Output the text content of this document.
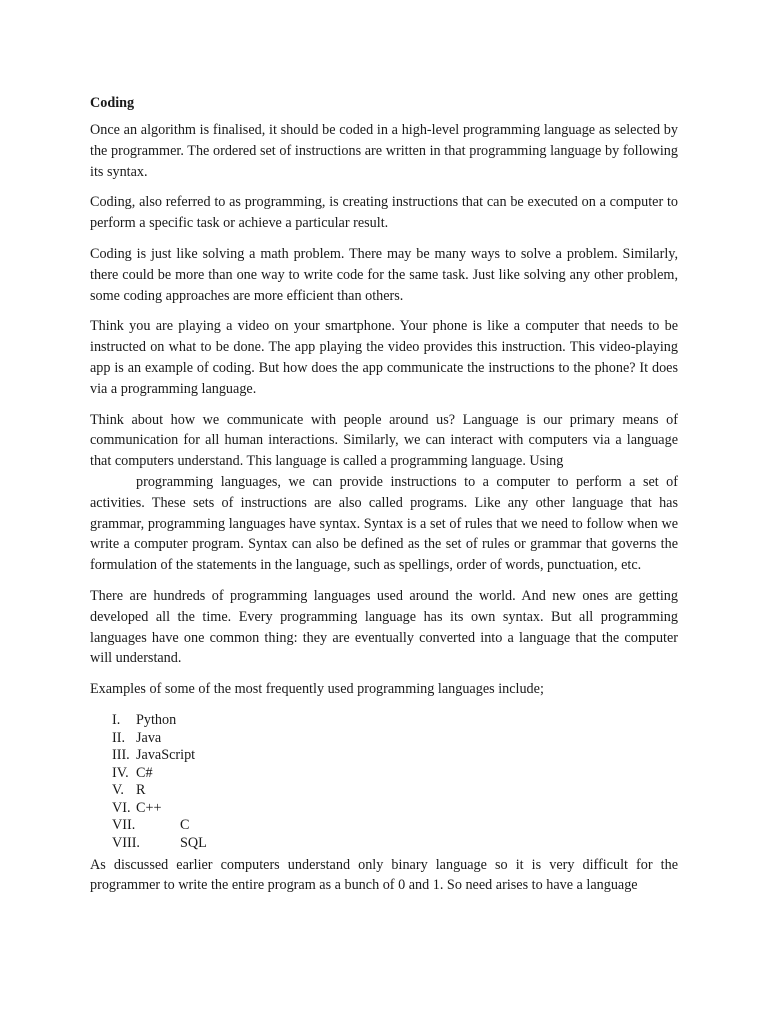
Coding

Once an algorithm is finalised, it should be coded in a high-level programming language as selected by the programmer. The ordered set of instructions are written in that programming language by following its syntax.

Coding, also referred to as programming, is creating instructions that can be executed on a computer to perform a specific task or achieve a particular result.

Coding is just like solving a math problem. There may be many ways to solve a problem. Similarly, there could be more than one way to write code for the same task. Just like solving any other problem, some coding approaches are more efficient than others.

Think you are playing a video on your smartphone. Your phone is like a computer that needs to be instructed on what to be done. The app playing the video provides this instruction. This video-playing app is an example of coding. But how does the app communicate the instructions to the phone? It does via a programming language.

Think about how we communicate with people around us? Language is our primary means of communication for all human interactions. Similarly, we can interact with computers via a language that computers understand. This language is called a programming language. Using
programming languages, we can provide instructions to a computer to perform a set of activities. These sets of instructions are also called programs. Like any other language that has grammar, programming languages have syntax. Syntax is a set of rules that we need to follow when we write a computer program. Syntax can also be defined as the set of rules or grammar that governs the formulation of the statements in the language, such as spellings, order of words, punctuation, etc.

There are hundreds of programming languages used around the world. And new ones are getting developed all the time. Every programming language has its own syntax. But all programming languages have one common thing: they are eventually converted into a language that the computer will understand.

Examples of some of the most frequently used programming languages include;

I.	Python
II. Java
III. JavaScript
IV. C#
V. R
VI. C++
VII.	C
VIII.	SQL

As discussed earlier computers understand only binary language so it is very difficult for the programmer to write the entire program as a bunch of 0 and 1. So need arises to have a language
